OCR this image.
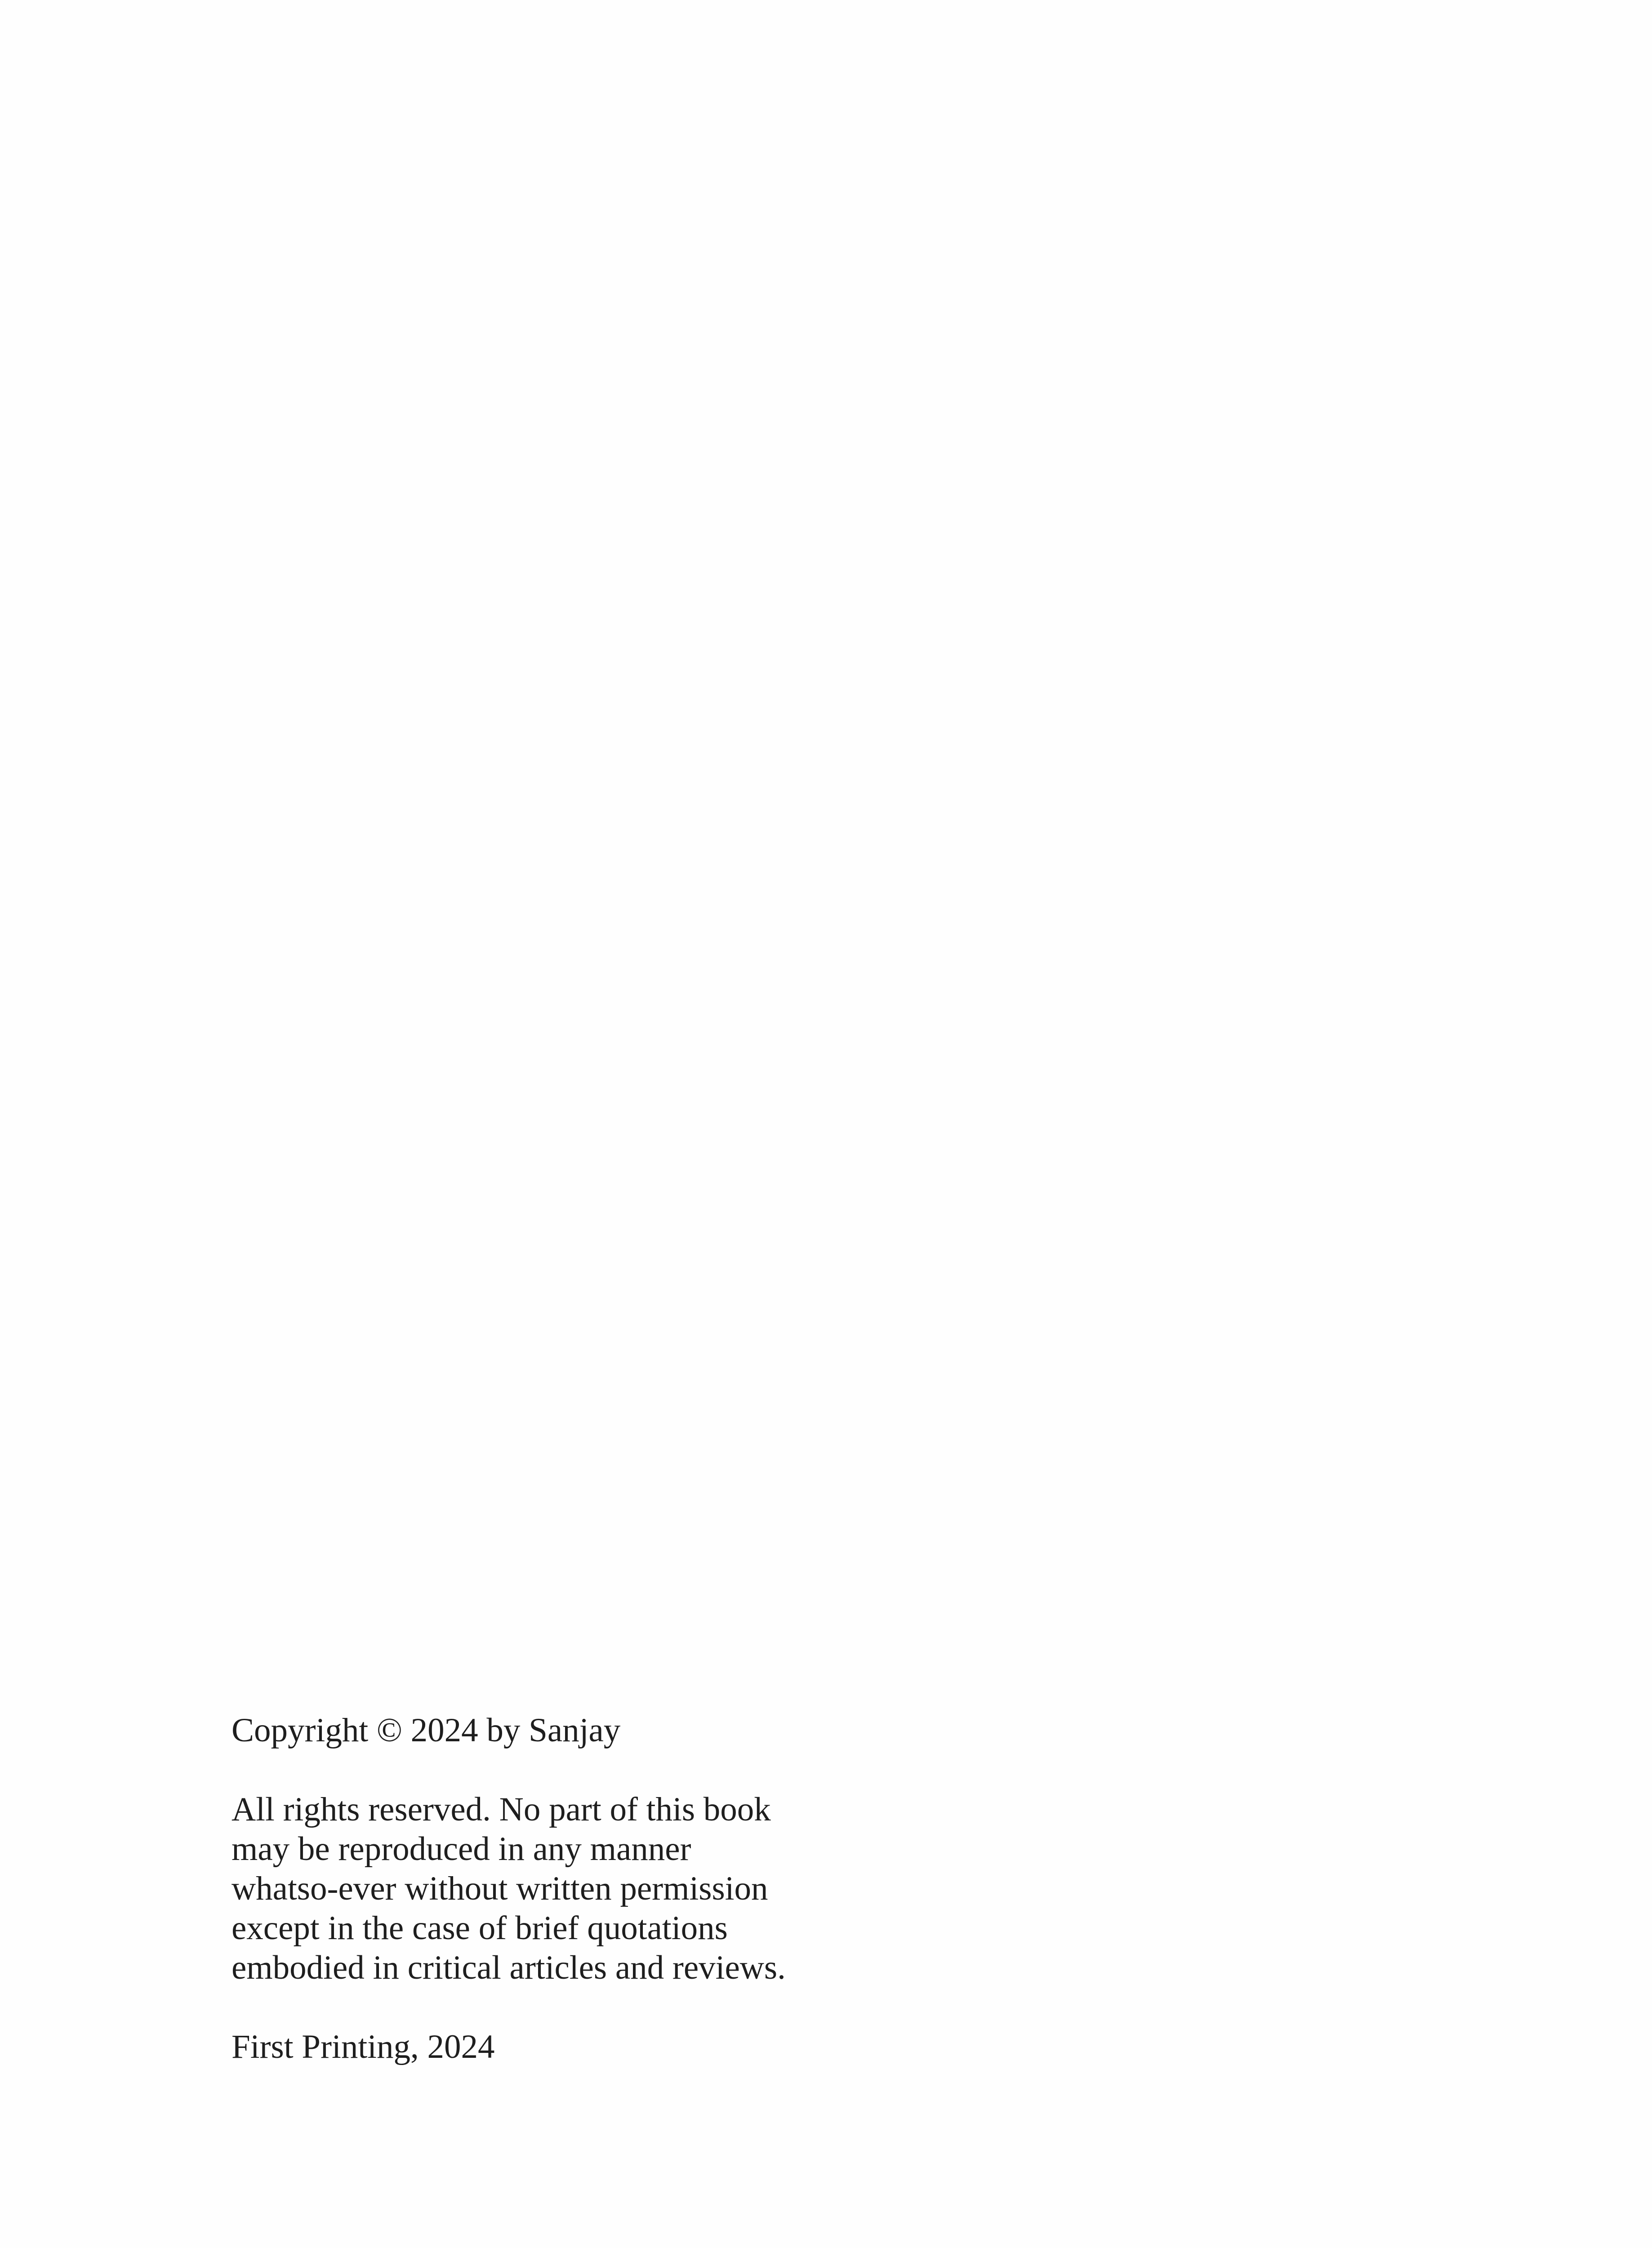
Copyright © 2024 by Sanjay

All rights reserved. No part of this book
may be reproduced in any manner
whatso-ever without written permission
except in the case of brief quotations
embodied in critical articles and reviews.

First Printing, 2024
